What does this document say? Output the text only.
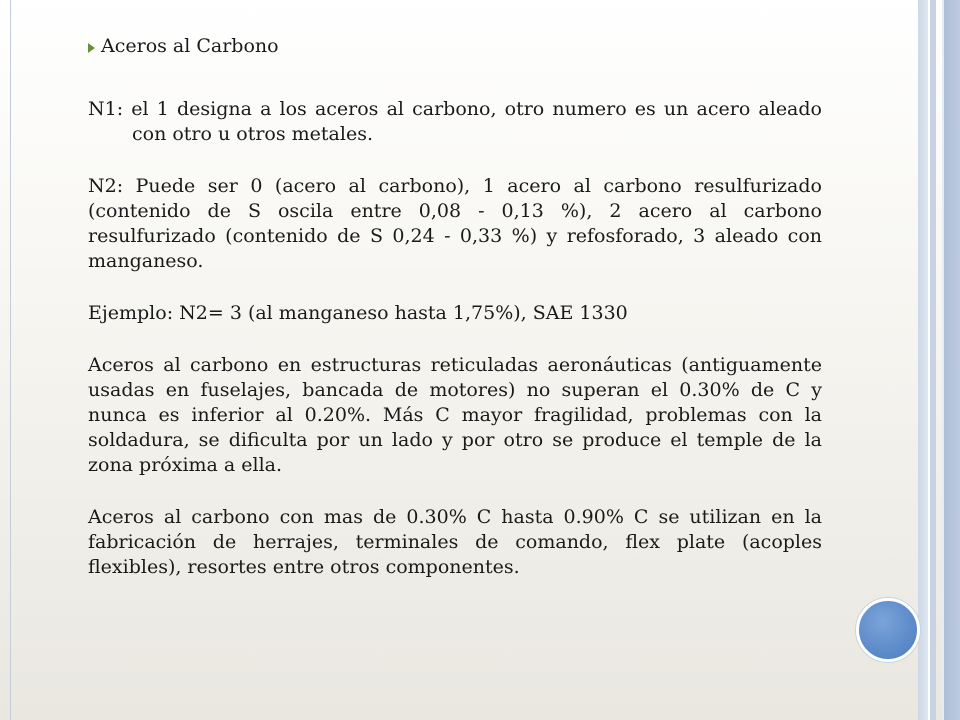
Aceros al Carbono

N1: el 1 designa a los aceros al carbono, otro numero es un acero aleado con otro u otros metales.

N2: Puede ser 0 (acero al carbono), 1 acero al carbono resulfurizado (contenido de S oscila entre 0,08 - 0,13 %), 2 acero al carbono resulfurizado (contenido de S 0,24 - 0,33 %) y refosforado, 3 aleado con manganeso.

Ejemplo: N2= 3 (al manganeso hasta 1,75%), SAE 1330

Aceros al carbono en estructuras reticuladas aeronáuticas (antiguamente usadas en fuselajes, bancada de motores) no superan el 0.30% de C y nunca es inferior al 0.20%. Más C mayor fragilidad, problemas con la soldadura, se dificulta por un lado y por otro se produce el temple de la zona próxima a ella.

Aceros al carbono con mas de 0.30% C hasta 0.90% C se utilizan en la fabricación de herrajes, terminales de comando, flex plate (acoples flexibles), resortes entre otros componentes.
